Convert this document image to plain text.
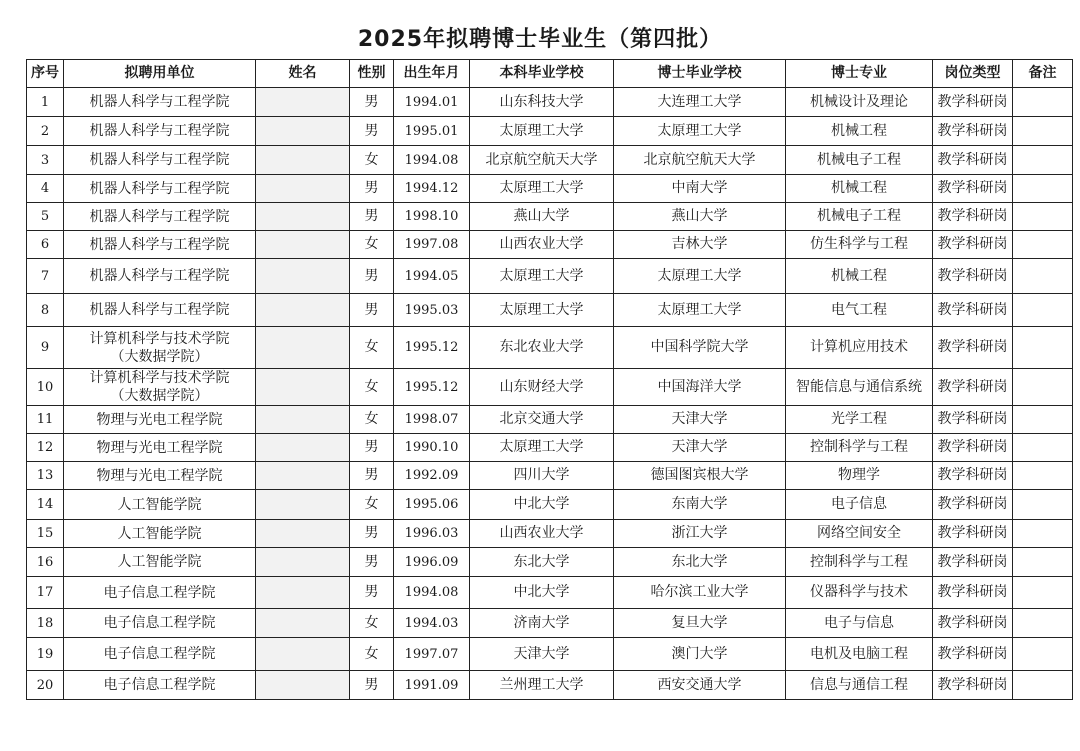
2025年拟聘博士毕业生（第四批）
序号	拟聘用单位	姓名	性别	出生年月	本科毕业学校	博士毕业学校	博士专业	岗位类型	备注
1	机器人科学与工程学院		男	1994.01	山东科技大学	大连理工大学	机械设计及理论	教学科研岗	
2	机器人科学与工程学院		男	1995.01	太原理工大学	太原理工大学	机械工程	教学科研岗	
3	机器人科学与工程学院		女	1994.08	北京航空航天大学	北京航空航天大学	机械电子工程	教学科研岗	
4	机器人科学与工程学院		男	1994.12	太原理工大学	中南大学	机械工程	教学科研岗	
5	机器人科学与工程学院		男	1998.10	燕山大学	燕山大学	机械电子工程	教学科研岗	
6	机器人科学与工程学院		女	1997.08	山西农业大学	吉林大学	仿生科学与工程	教学科研岗	
7	机器人科学与工程学院		男	1994.05	太原理工大学	太原理工大学	机械工程	教学科研岗	
8	机器人科学与工程学院		男	1995.03	太原理工大学	太原理工大学	电气工程	教学科研岗	
9	计算机科学与技术学院
（大数据学院）		女	1995.12	东北农业大学	中国科学院大学	计算机应用技术	教学科研岗	
10	计算机科学与技术学院
（大数据学院）		女	1995.12	山东财经大学	中国海洋大学	智能信息与通信系统	教学科研岗	
11	物理与光电工程学院		女	1998.07	北京交通大学	天津大学	光学工程	教学科研岗	
12	物理与光电工程学院		男	1990.10	太原理工大学	天津大学	控制科学与工程	教学科研岗	
13	物理与光电工程学院		男	1992.09	四川大学	德国图宾根大学	物理学	教学科研岗	
14	人工智能学院		女	1995.06	中北大学	东南大学	电子信息	教学科研岗	
15	人工智能学院		男	1996.03	山西农业大学	浙江大学	网络空间安全	教学科研岗	
16	人工智能学院		男	1996.09	东北大学	东北大学	控制科学与工程	教学科研岗	
17	电子信息工程学院		男	1994.08	中北大学	哈尔滨工业大学	仪器科学与技术	教学科研岗	
18	电子信息工程学院		女	1994.03	济南大学	复旦大学	电子与信息	教学科研岗	
19	电子信息工程学院		女	1997.07	天津大学	澳门大学	电机及电脑工程	教学科研岗	
20	电子信息工程学院		男	1991.09	兰州理工大学	西安交通大学	信息与通信工程	教学科研岗	
